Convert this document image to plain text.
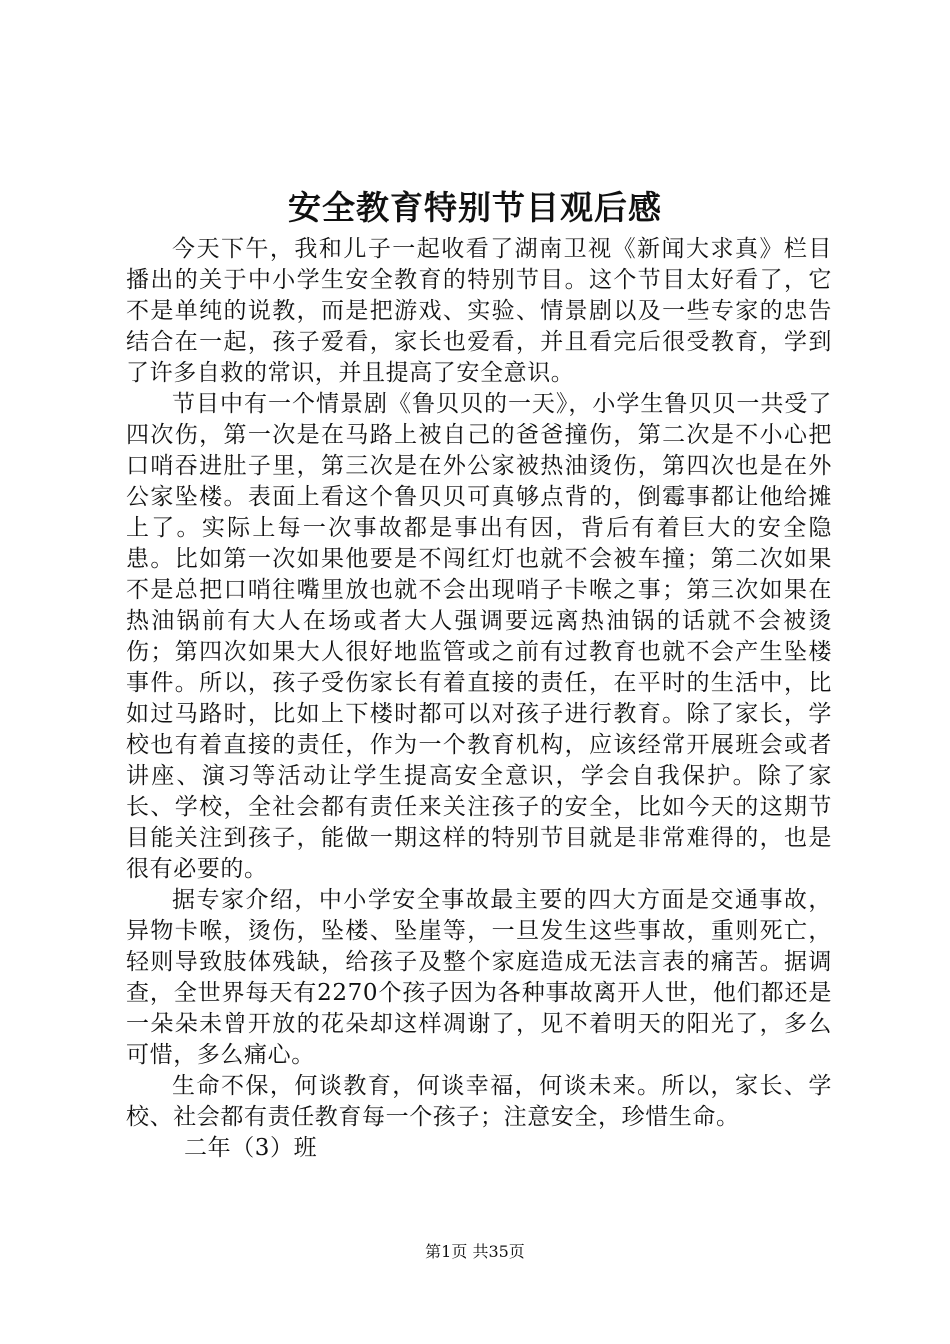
安全教育特别节目观后感

今天下午，我和儿子一起收看了湖南卫视《新闻大求真》栏目播出的关于中小学生安全教育的特别节目。这个节目太好看了，它不是单纯的说教，而是把游戏、实验、情景剧以及一些专家的忠告结合在一起，孩子爱看，家长也爱看，并且看完后很受教育，学到了许多自救的常识，并且提高了安全意识。

节目中有一个情景剧《鲁贝贝的一天》，小学生鲁贝贝一共受了四次伤，第一次是在马路上被自己的爸爸撞伤，第二次是不小心把口哨吞进肚子里，第三次是在外公家被热油烫伤，第四次也是在外公家坠楼。表面上看这个鲁贝贝可真够点背的，倒霉事都让他给摊上了。实际上每一次事故都是事出有因，背后有着巨大的安全隐患。比如第一次如果他要是不闯红灯也就不会被车撞；第二次如果不是总把口哨往嘴里放也就不会出现哨子卡喉之事；第三次如果在热油锅前有大人在场或者大人强调要远离热油锅的话就不会被烫伤；第四次如果大人很好地监管或之前有过教育也就不会产生坠楼事件。所以，孩子受伤家长有着直接的责任，在平时的生活中，比如过马路时，比如上下楼时都可以对孩子进行教育。除了家长，学校也有着直接的责任，作为一个教育机构，应该经常开展班会或者讲座、演习等活动让学生提高安全意识，学会自我保护。除了家长、学校，全社会都有责任来关注孩子的安全，比如今天的这期节目能关注到孩子，能做一期这样的特别节目就是非常难得的，也是很有必要的。

据专家介绍，中小学安全事故最主要的四大方面是交通事故，异物卡喉，烫伤，坠楼、坠崖等，一旦发生这些事故，重则死亡，轻则导致肢体残缺，给孩子及整个家庭造成无法言表的痛苦。据调查，全世界每天有2270个孩子因为各种事故离开人世，他们都还是一朵朵未曾开放的花朵却这样凋谢了，见不着明天的阳光了，多么可惜，多么痛心。

生命不保，何谈教育，何谈幸福，何谈未来。所以，家长、学校、社会都有责任教育每一个孩子；注意安全，珍惜生命。

二年（3）班

第1页 共35页
